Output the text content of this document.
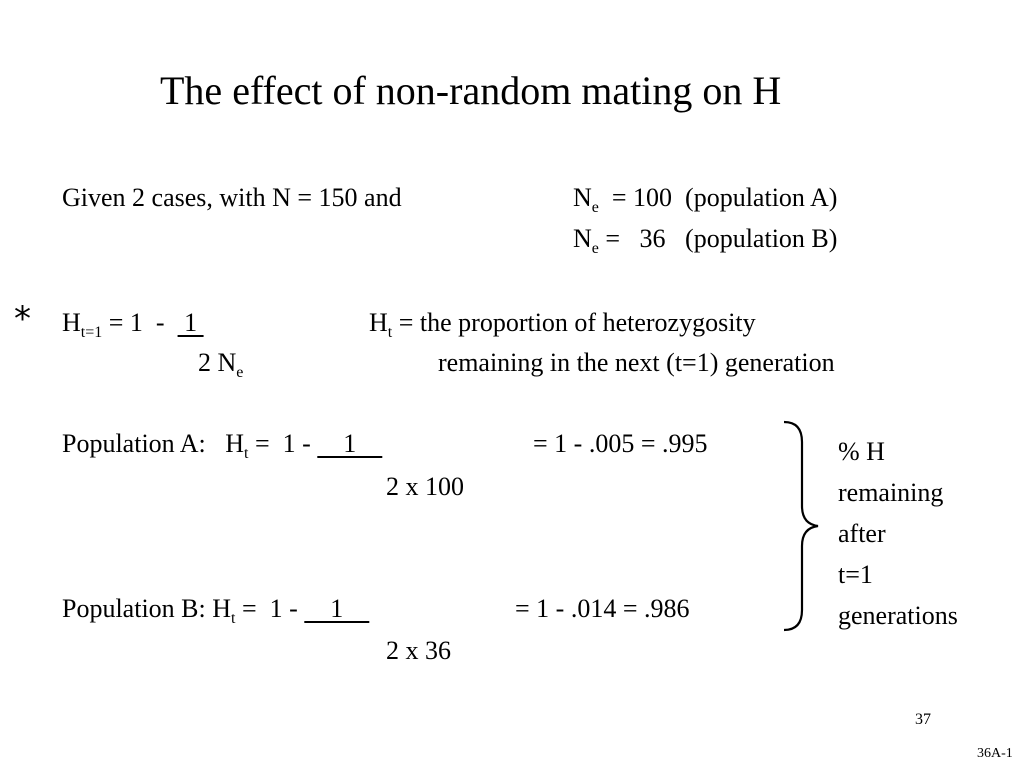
The effect of non-random mating on H
Given 2 cases, with N = 150 and	$N_e = 100$  (population A)
$N_e = 36$   (population B)
* $H_{t=1} = 1 - 1$
2 $N_e$
$H_t$ = the proportion of heterozygosity
remaining in the next (t=1) generation
Population A:   $H_t = 1$ -     1
2 x 100
= 1 - .005 = .995
Population B: $H_t = 1$ -     1
2 x 36
= 1 - .014 = .986
% H
remaining
after
t=1
generations
37
36A-1
